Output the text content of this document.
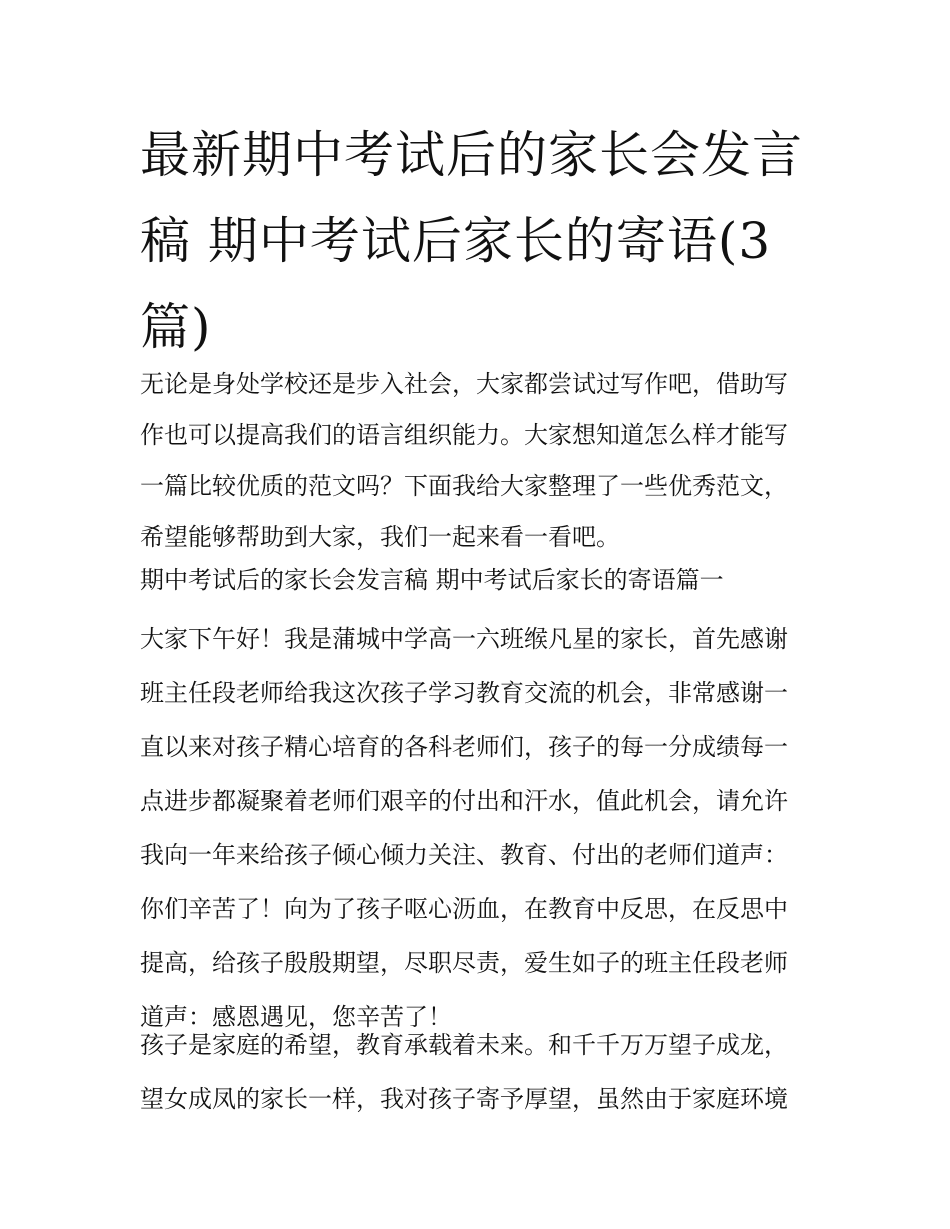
最新期中考试后的家长会发言
稿 期中考试后家长的寄语(3
篇)

无论是身处学校还是步入社会，大家都尝试过写作吧，借助写
作也可以提高我们的语言组织能力。大家想知道怎么样才能写
一篇比较优质的范文吗？下面我给大家整理了一些优秀范文，
希望能够帮助到大家，我们一起来看一看吧。

期中考试后的家长会发言稿 期中考试后家长的寄语篇一

大家下午好！我是蒲城中学高一六班缑凡星的家长，首先感谢
班主任段老师给我这次孩子学习教育交流的机会，非常感谢一
直以来对孩子精心培育的各科老师们，孩子的每一分成绩每一
点进步都凝聚着老师们艰辛的付出和汗水，值此机会，请允许
我向一年来给孩子倾心倾力关注、教育、付出的老师们道声：
你们辛苦了！向为了孩子呕心沥血，在教育中反思，在反思中
提高，给孩子殷殷期望，尽职尽责，爱生如子的班主任段老师
道声：感恩遇见，您辛苦了！

孩子是家庭的希望，教育承载着未来。和千千万万望子成龙，
望女成凤的家长一样，我对孩子寄予厚望，虽然由于家庭环境
